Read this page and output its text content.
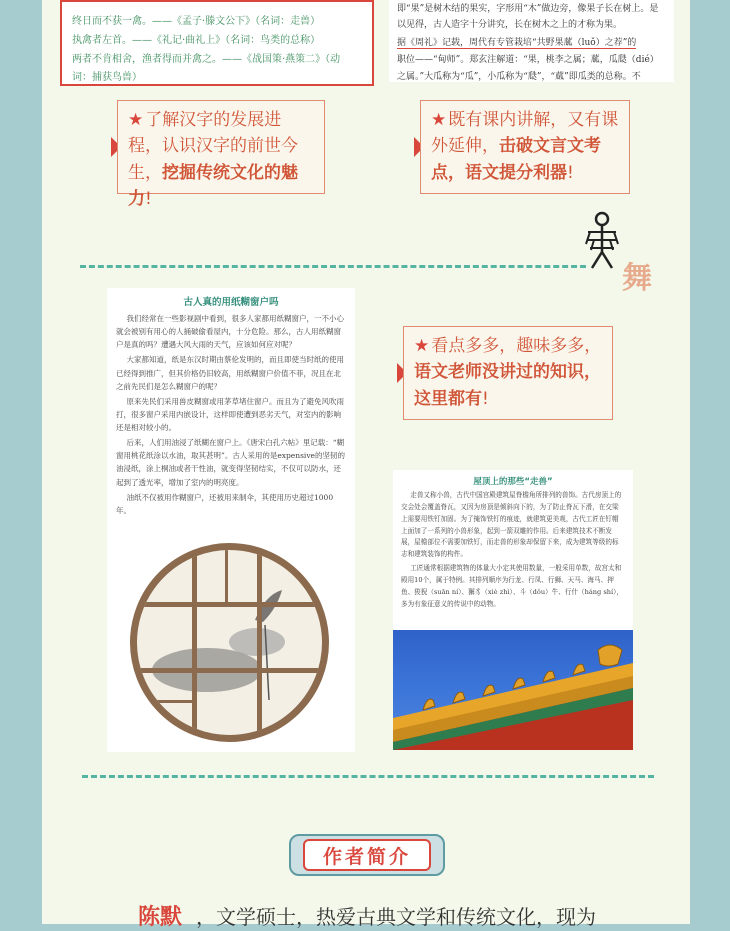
终日而不获一禽。——《孟子·滕文公下》（名词：走兽）
执禽者左首。——《礼记·曲礼上》（名词：鸟类的总称）
两者不肯相舍，渔者得而并禽之。——《战国策·燕策二》（动
词：捕获鸟兽）
即“果”是树木结的果实，字形用“木”做边旁，像果子长在树上。是
以见得，古人造字十分讲究，长在树木之上的才称为果。
据《周礼》记载，周代有专管栽培“共野果蓏（luǒ）之荐”的
职位——“甸师”。郑玄注解道：“果，桃李之属；蓏，瓜瓞（dié）
之属。”大瓜称为“瓜”，小瓜称为“瓞”，“蓏”即瓜类的总称。不
★ 了解汉字的发展进程，认识汉字的前世今生，挖掘传统文化的魅力!
★ 既有课内讲解，又有课外延伸，击破文言文考点，语文提分利器!
舞
古人真的用纸糊窗户吗

我们经常在一些影视剧中看到，很多人家都用纸糊窗户，一不小心就会被别有用心的人捅破偷看屋内，十分危险。那么，古人用纸糊窗户是真的吗？遭遇大风大雨的天气，应该如何应对呢？

大家都知道，纸是东汉时期由蔡伦发明的，而且即使当时纸的使用已经得到推广，但其价格仍旧较高，用纸糊窗户价值不菲，况且在北之前先民们是怎么糊窗户的呢？

原来先民们采用兽皮糊窗或用茅草堵住窗户。而且为了避免风吹雨打，很多窗户采用内嵌设计，这样即使遭到恶劣天气，对室内的影响还是相对较小的。

后来，人们用油浸了纸糊在窗户上。《唐宋白孔六帖》里记载：“糊窗用桃花纸涂以水油，取其甚明”。古人采用的是expensive的坚韧的油浸纸，涂上桐油或者干性油，就变得坚韧结实，不仅可以防水，还起到了透光率，增加了室内的明亮度。

油纸不仅被用作糊窗户，还被用来制伞，其使用历史超过1000年。

★ 看点多多，趣味多多，语文老师没讲过的知识，这里都有!
屋顶上的那些“走兽”

走兽又称小兽，古代中国宫殿建筑屋脊檐角所排列的兽饰。古代房顶上的交会处会覆盖脊瓦，又因为房顶是倾斜向下的，为了防止脊瓦下滑，在交梁上需要用铁钉加固。为了掩饰铁钉的痕迹，就建筑更美观，古代工匠在钉帽上面加了一系列的小兽形象，起到一箭双雕的作用。后来建筑技术不断发展，屋檐部位不需要加铁钉，而走兽的形象却保留下来，成为建筑等级的标志和建筑装饰的构件。

工匠通常根据建筑物的体量大小定其使用数量，一般采用单数，故宫太和殿用10个，属于特例。其排列顺序为行龙、行凤、行狮、天马、海马、押鱼、狻猊（suān ní）、獬豸（xiè zhì）、斗（dǒu）牛、行什（háng shí），多为有象征意义的传说中的动物。

作者简介
陈默 ，文学硕士，热爱古典文学和传统文化，现为
